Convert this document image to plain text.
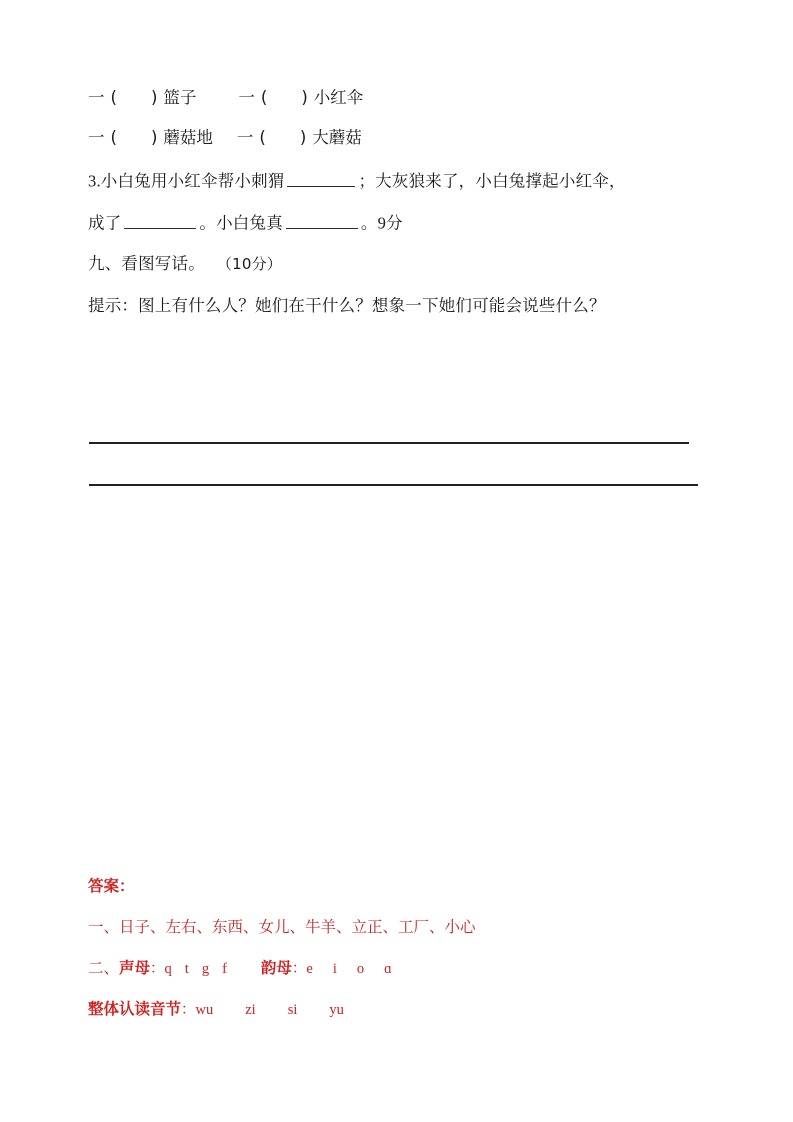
一 ( ) 篮子	一 ( ) 小红伞
一 ( ) 蘑菇地 一 ( ) 大蘑菇
3.小白兔用小红伞帮小刺猬	；大灰狼来了，小白兔撑起小红伞，
成了	。小白兔真	。9分
九、看图写话。 （10分）
提示：图上有什么人？她们在干什么？想象一下她们可能会说些什么？
答案：
一、日子、左右、东西、女儿、牛羊、立正、工厂、小心
二、声母：q t g f 韵母：e i o ɑ
整体认读音节：wu zi si yu
